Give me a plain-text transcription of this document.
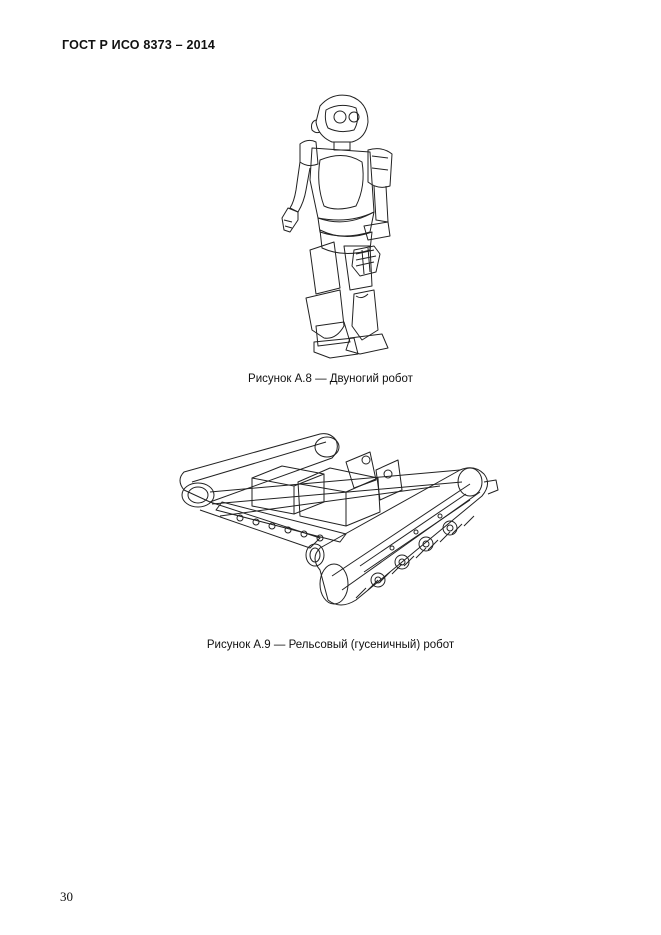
ГОСТ Р ИСО 8373 – 2014
Рисунок А.8 — Двуногий робот
Рисунок А.9 — Рельсовый (гусеничный) робот
30
